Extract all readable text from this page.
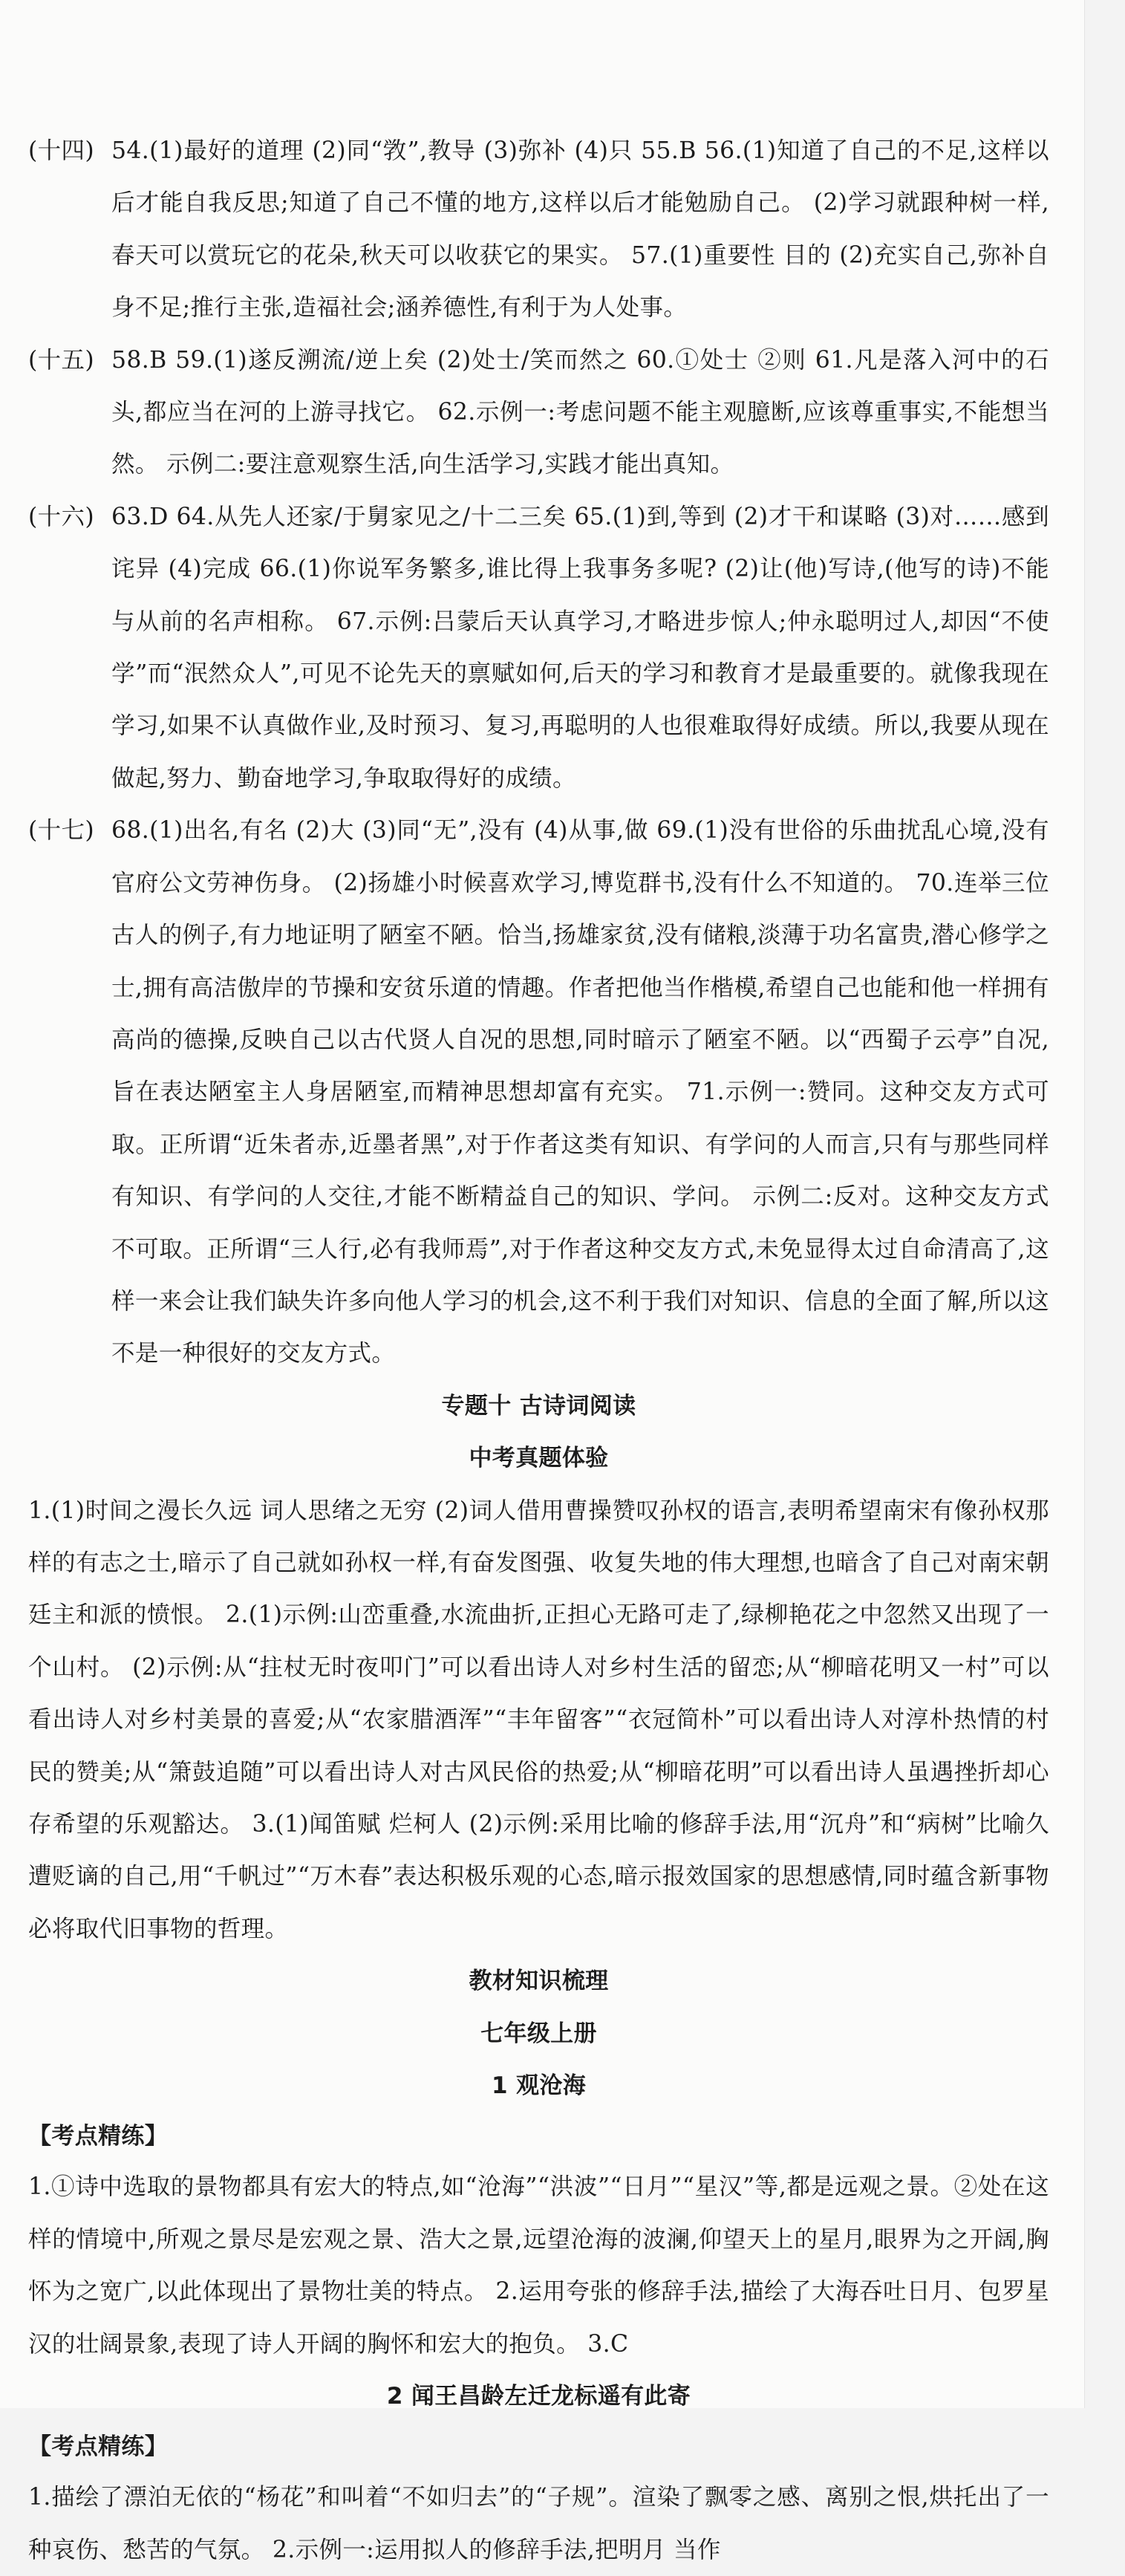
(十四) 54.(1)最好的道理 (2)同“敩”,教导 (3)弥补 (4)只 55.B 56.(1)知道了自己的不足,这样以后才能自我反思;知道了自己不懂的地方,这样以后才能勉励自己。 (2)学习就跟种树一样,春天可以赏玩它的花朵,秋天可以收获它的果实。 57.(1)重要性 目的 (2)充实自己,弥补自身不足;推行主张,造福社会;涵养德性,有利于为人处事。
(十五) 58.B 59.(1)遂反溯流/逆上矣 (2)处士/笑而然之 60.①处士 ②则 61.凡是落入河中的石头,都应当在河的上游寻找它。 62.示例一:考虑问题不能主观臆断,应该尊重事实,不能想当然。 示例二:要注意观察生活,向生活学习,实践才能出真知。
(十六) 63.D 64.从先人还家/于舅家见之/十二三矣 65.(1)到,等到 (2)才干和谋略 (3)对……感到诧异 (4)完成 66.(1)你说军务繁多,谁比得上我事务多呢? (2)让(他)写诗,(他写的诗)不能与从前的名声相称。 67.示例:吕蒙后天认真学习,才略进步惊人;仲永聪明过人,却因“不使学”而“泯然众人”,可见不论先天的禀赋如何,后天的学习和教育才是最重要的。就像我现在学习,如果不认真做作业,及时预习、复习,再聪明的人也很难取得好成绩。所以,我要从现在做起,努力、勤奋地学习,争取取得好的成绩。
(十七) 68.(1)出名,有名 (2)大 (3)同“无”,没有 (4)从事,做 69.(1)没有世俗的乐曲扰乱心境,没有官府公文劳神伤身。 (2)扬雄小时候喜欢学习,博览群书,没有什么不知道的。 70.连举三位古人的例子,有力地证明了陋室不陋。恰当,扬雄家贫,没有储粮,淡薄于功名富贵,潜心修学之士,拥有高洁傲岸的节操和安贫乐道的情趣。作者把他当作楷模,希望自己也能和他一样拥有高尚的德操,反映自己以古代贤人自况的思想,同时暗示了陋室不陋。以“西蜀子云亭”自况,旨在表达陋室主人身居陋室,而精神思想却富有充实。 71.示例一:赞同。这种交友方式可取。正所谓“近朱者赤,近墨者黑”,对于作者这类有知识、有学问的人而言,只有与那些同样有知识、有学问的人交往,才能不断精益自己的知识、学问。 示例二:反对。这种交友方式不可取。正所谓“三人行,必有我师焉”,对于作者这种交友方式,未免显得太过自命清高了,这样一来会让我们缺失许多向他人学习的机会,这不利于我们对知识、信息的全面了解,所以这不是一种很好的交友方式。
专题十 古诗词阅读
中考真题体验
1.(1)时间之漫长久远 词人思绪之无穷 (2)词人借用曹操赞叹孙权的语言,表明希望南宋有像孙权那样的有志之士,暗示了自己就如孙权一样,有奋发图强、收复失地的伟大理想,也暗含了自己对南宋朝廷主和派的愤恨。 2.(1)示例:山峦重叠,水流曲折,正担心无路可走了,绿柳艳花之中忽然又出现了一个山村。 (2)示例:从“拄杖无时夜叩门”可以看出诗人对乡村生活的留恋;从“柳暗花明又一村”可以看出诗人对乡村美景的喜爱;从“农家腊酒浑”“丰年留客”“衣冠简朴”可以看出诗人对淳朴热情的村民的赞美;从“箫鼓追随”可以看出诗人对古风民俗的热爱;从“柳暗花明”可以看出诗人虽遇挫折却心存希望的乐观豁达。 3.(1)闻笛赋 烂柯人 (2)示例:采用比喻的修辞手法,用“沉舟”和“病树”比喻久遭贬谪的自己,用“千帆过”“万木春”表达积极乐观的心态,暗示报效国家的思想感情,同时蕴含新事物必将取代旧事物的哲理。
教材知识梳理
七年级上册
1 观沧海
【考点精练】
1.①诗中选取的景物都具有宏大的特点,如“沧海”“洪波”“日月”“星汉”等,都是远观之景。②处在这样的情境中,所观之景尽是宏观之景、浩大之景,远望沧海的波澜,仰望天上的星月,眼界为之开阔,胸怀为之宽广,以此体现出了景物壮美的特点。 2.运用夸张的修辞手法,描绘了大海吞吐日月、包罗星汉的壮阔景象,表现了诗人开阔的胸怀和宏大的抱负。 3.C
2 闻王昌龄左迁龙标遥有此寄
【考点精练】
1.描绘了漂泊无依的“杨花”和叫着“不如归去”的“子规”。渲染了飘零之感、离别之恨,烘托出了一种哀伤、愁苦的气氛。 2.示例一:运用拟人的修辞手法,把明月 当作
